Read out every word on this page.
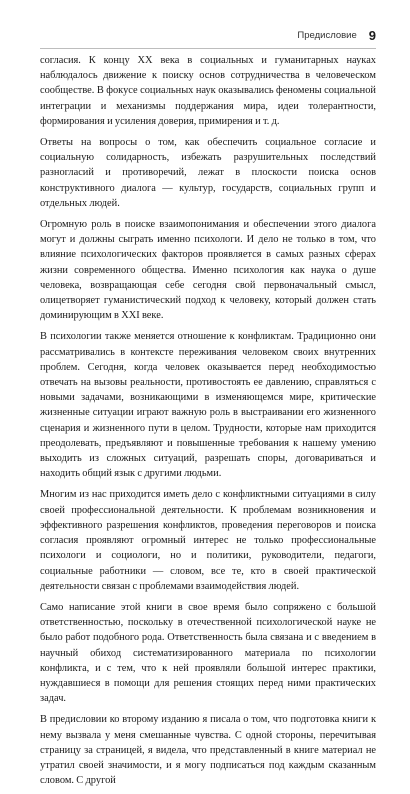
Предисловие 9

согласия. К концу XX века в социальных и гуманитарных науках наблюдалось движение к поиску основ сотрудничества в человеческом сообществе. В фокусе социальных наук оказывались феномены социальной интеграции и механизмы поддержания мира, идеи толерантности, формирования и усиления доверия, примирения и т. д.

Ответы на вопросы о том, как обеспечить социальное согласие и социальную солидарность, избежать разрушительных последствий разногласий и противоречий, лежат в плоскости поиска основ конструктивного диалога — культур, государств, социальных групп и отдельных людей.

Огромную роль в поиске взаимопонимания и обеспечении этого диалога могут и должны сыграть именно психологи. И дело не только в том, что влияние психологических факторов проявляется в самых разных сферах жизни современного общества. Именно психология как наука о душе человека, возвращающая себе сегодня свой первоначальный смысл, олицетворяет гуманистический подход к человеку, который должен стать доминирующим в XXI веке.

В психологии также меняется отношение к конфликтам. Традиционно они рассматривались в контексте переживания человеком своих внутренних проблем. Сегодня, когда человек оказывается перед необходимостью отвечать на вызовы реальности, противостоять ее давлению, справляться с новыми задачами, возникающими в изменяющемся мире, критические жизненные ситуации играют важную роль в выстраивании его жизненного сценария и жизненного пути в целом. Трудности, которые нам приходится преодолевать, предъявляют и повышенные требования к нашему умению выходить из сложных ситуаций, разрешать споры, договариваться и находить общий язык с другими людьми.

Многим из нас приходится иметь дело с конфликтными ситуациями в силу своей профессиональной деятельности. К проблемам возникновения и эффективного разрешения конфликтов, проведения переговоров и поиска согласия проявляют огромный интерес не только профессиональные психологи и социологи, но и политики, руководители, педагоги, социальные работники — словом, все те, кто в своей практической деятельности связан с проблемами взаимодействия людей.

Само написание этой книги в свое время было сопряжено с большой ответственностью, поскольку в отечественной психологической науке не было работ подобного рода. Ответственность была связана и с введением в научный обиход систематизированного материала по психологии конфликта, и с тем, что к ней проявляли большой интерес практики, нуждавшиеся в помощи для решения стоящих перед ними практических задач.

В предисловии ко второму изданию я писала о том, что подготовка книги к нему вызвала у меня смешанные чувства. С одной стороны, перечитывая страницу за страницей, я видела, что представленный в книге материал не утратил своей значимости, и я могу подписаться под каждым сказанным словом. С другой
